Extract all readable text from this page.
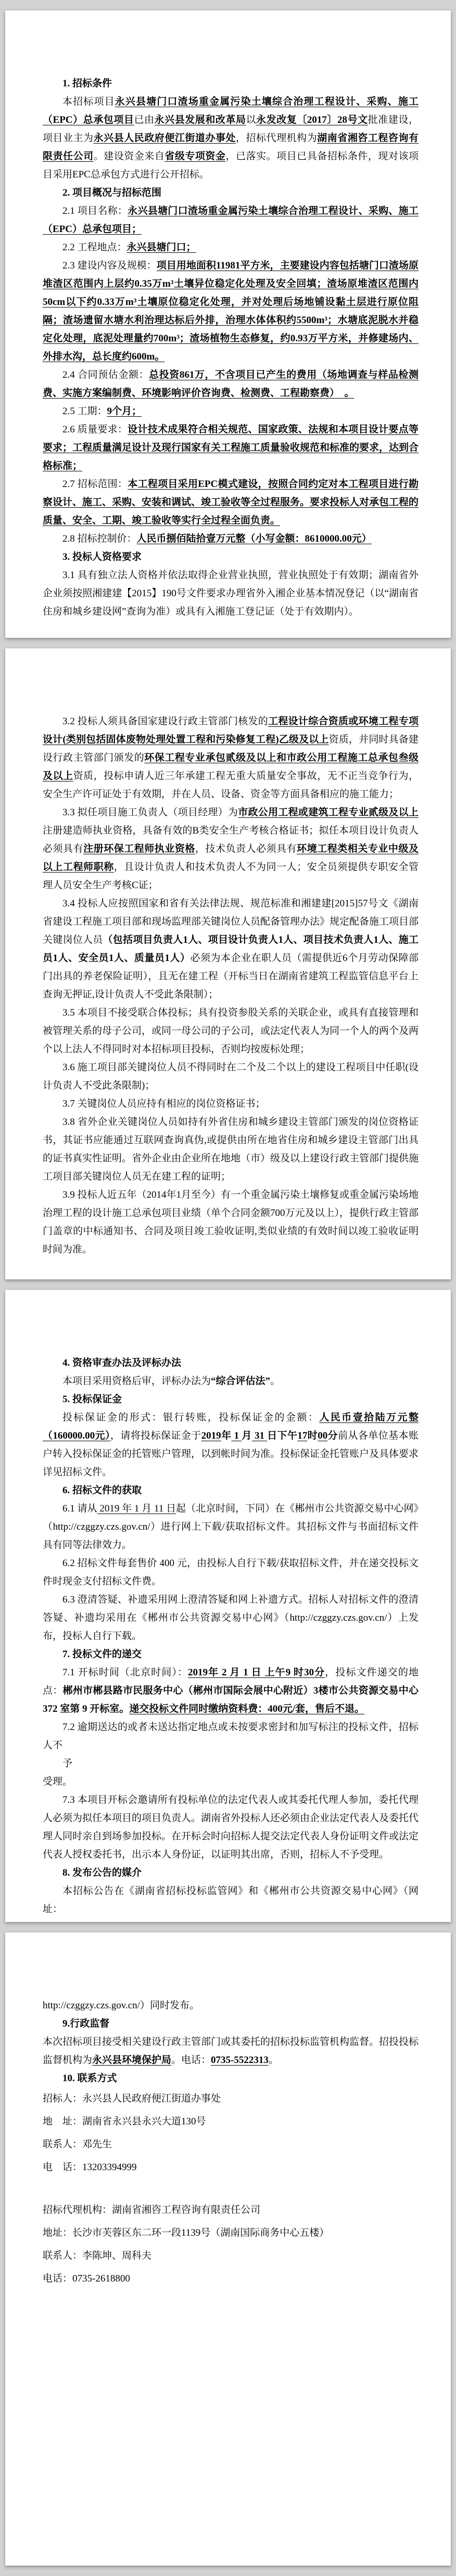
1. 招标条件
本招标项目永兴县塘门口渣场重金属污染土壤综合治理工程设计、采购、施工（EPC）总承包项目已由永兴县发展和改革局以永发改复〔2017〕28号文批准建设，项目业主为永兴县人民政府便江街道办事处，招标代理机构为湖南省湘咨工程咨询有限责任公司。建设资金来自省级专项资金，已落实。项目已具备招标条件，现对该项目采用EPC总承包方式进行公开招标。
2. 项目概况与招标范围
2.1 项目名称：永兴县塘门口渣场重金属污染土壤综合治理工程设计、采购、施工（EPC）总承包项目；
2.2 工程地点：永兴县塘门口；
2.3 建设内容及规模：项目用地面积11981平方米，主要建设内容包括塘门口渣场原堆渣区范围内上层约0.35万m³土壤异位稳定化处理及安全回填；渣场原堆渣区范围内50cm以下约0.33万m³土壤原位稳定化处理，并对处理后场地铺设黏土层进行原位阻隔；渣场遗留水塘水利治理达标后外排，治理水体体积约5500m³；水塘底泥脱水并稳定化处理，底泥处理量约700m³；渣场植物生态修复，约0.93万平方米，并修建场内、外排水沟，总长度约600m。
2.4 合同预估金额：总投资861万，不含项目已产生的费用（场地调查与样品检测费、实施方案编制费、环境影响评价咨询费、检测费、工程勘察费）　。
2.5 工期：9个月；
2.6 质量要求：设计技术成果符合相关规范、国家政策、法规和本项目设计要点等要求；工程质量满足设计及现行国家有关工程施工质量验收规范和标准的要求，达到合格标准；
2.7 招标范围：本工程项目采用EPC模式建设，按照合同约定对本工程项目进行勘察设计、施工、采购、安装和调试、竣工验收等全过程服务。要求投标人对承包工程的质量、安全、工期、竣工验收等实行全过程全面负责。
2.8 招标控制价：人民币捌佰陆拾壹万元整（小写金额：8610000.00元）
3. 投标人资格要求
3.1 具有独立法人资格并依法取得企业营业执照，营业执照处于有效期；湖南省外企业须按照湘建建【2015】190号文件要求办理省外入湘企业基本情况登记（以“湖南省住房和城乡建设网”查询为准）或具有入湘施工登记证（处于有效期内）。
3.2 投标人须具备国家建设行政主管部门核发的工程设计综合资质或环境工程专项设计(类别包括固体废物处理处置工程和污染修复工程)乙级及以上资质，并同时具备建设行政主管部门颁发的环保工程专业承包贰级及以上和市政公用工程施工总承包叁级及以上资质，投标申请人近三年承建工程无重大质量安全事故，无不正当竞争行为，安全生产许可证处于有效期，并在人员、设备、资金等方面具备相应的施工能力；
3.3 拟任项目施工负责人（项目经理）为市政公用工程或建筑工程专业贰级及以上注册建造师执业资格，具备有效的B类安全生产考核合格证书；拟任本项目设计负责人必须具有注册环保工程师执业资格，技术负责人必须具有环境工程类相关专业中级及以上工程师职称，且设计负责人和技术负责人不为同一人；安全员须提供专职安全管理人员安全生产考核C证；
3.4 投标人应按照国家和省有关法律法规、规范标准和湘建建[2015]57号文《湖南省建设工程施工项目部和现场监理部关键岗位人员配备管理办法》规定配备施工项目部关键岗位人员（包括项目负责人1人、项目设计负责人1人、项目技术负责人1人、施工员1人、安全员1人、质量员1人）必须为本企业在职人员（需提供近6个月劳动保障部门出具的养老保险证明），且无在建工程（开标当日在湖南省建筑工程监管信息平台上查询无押证,设计负责人不受此条限制）；
3.5 本项目不接受联合体投标；具有投资参股关系的关联企业，或具有直接管理和被管理关系的母子公司，或同一母公司的子公司，或法定代表人为同一个人的两个及两个以上法人不得同时对本招标项目投标，否则均按废标处理；
3.6 施工项目部关键岗位人员不得同时在二个及二个以上的建设工程项目中任职(设计负责人不受此条限制)；
3.7 关键岗位人员应持有相应的岗位资格证书；
3.8 省外企业关键岗位人员如持有外省住房和城乡建设主管部门颁发的岗位资格证书，其证书应能通过互联网查询真伪,或提供由所在地省住房和城乡建设主管部门出具的证书真实性证明。省外企业由企业所在地地（市）级及以上建设行政主管部门提供施工项目部关键岗位人员无在建工程的证明；
3.9 投标人近五年（2014年1月至今）有一个重金属污染土壤修复或重金属污染场地治理工程的设计施工总承包项目业绩（单个合同金额700万元及以上），提供行政主管部门盖章的中标通知书、合同及项目竣工验收证明,类似业绩的有效时间以竣工验收证明时间为准。
4. 资格审查办法及评标办法
本项目采用资格后审，评标办法为“综合评估法”。
5. 投标保证金
投标保证金的形式：银行转账，投标保证金的金额：人民币壹拾陆万元整（160000.00元），请将投标保证金于2019年 1 月 31 日下午17时00分前从各单位基本账户转入投标保证金的托管账户管理，以到帐时间为准。投标保证金托管账户及具体要求详见招标文件。
6. 招标文件的获取
6.1 请从 2019 年 1 月 11 日起（北京时间，下同）在《郴州市公共资源交易中心网》（http://czggzy.czs.gov.cn/）进行网上下载/获取招标文件。其招标文件与书面招标文件具有同等法律效力。
6.2 招标文件每套售价 400 元，由投标人自行下载/获取招标文件，并在递交投标文件时现金支付招标文件费。
6.3 澄清答疑、补遗采用网上澄清答疑和网上补遗方式。招标人对招标文件的澄清答疑、补遗均采用在《郴州市公共资源交易中心网》（http://czggzy.czs.gov.cn/）上发布，投标人自行下载。
7. 投标文件的递交
7.1 开标时间（北京时间）：2019年 2 月 1 日 上午9 时30分，投标文件递交的地点：郴州市郴县路市民服务中心（郴州市国际会展中心附近）3楼市公共资源交易中心 372 室第 9 开标室。递交投标文件同时缴纳资料费：400元/套，售后不退。
7.2 逾期送达的或者未送达指定地点或未按要求密封和加写标注的投标文件，招标人不
予
受理。
7.3 本项目开标会邀请所有投标单位的法定代表人或其委托代理人参加，委托代理人必须为拟任本项目的项目负责人。湖南省外投标人还必须由企业法定代表人及委托代理人同时亲自到场参加投标。在开标会时向招标人提交法定代表人身份证明文件或法定代表人授权委托书，出示本人身份证，以证明其出席，否则，招标人不予受理。
8. 发布公告的媒介
本招标公告在《湖南省招标投标监管网》和《郴州市公共资源交易中心网》（网址：
http://czggzy.czs.gov.cn/）同时发布。
9.行政监督
本次招标项目接受相关建设行政主管部门或其委托的招标投标监管机构监督。招投投标监督机构为永兴县环境保护局。电话：0735-5522313。
10. 联系方式
招标人：永兴县人民政府便江街道办事处
地　址：湖南省永兴县永兴大道130号
联系人：邓先生
电　话：13203394999
招标代理机构：湖南省湘咨工程咨询有限责任公司
地址：长沙市芙蓉区东二环一段1139号（湖南国际商务中心五楼）
联系人：李陈坤、周科夫
电话：0735-2618800
